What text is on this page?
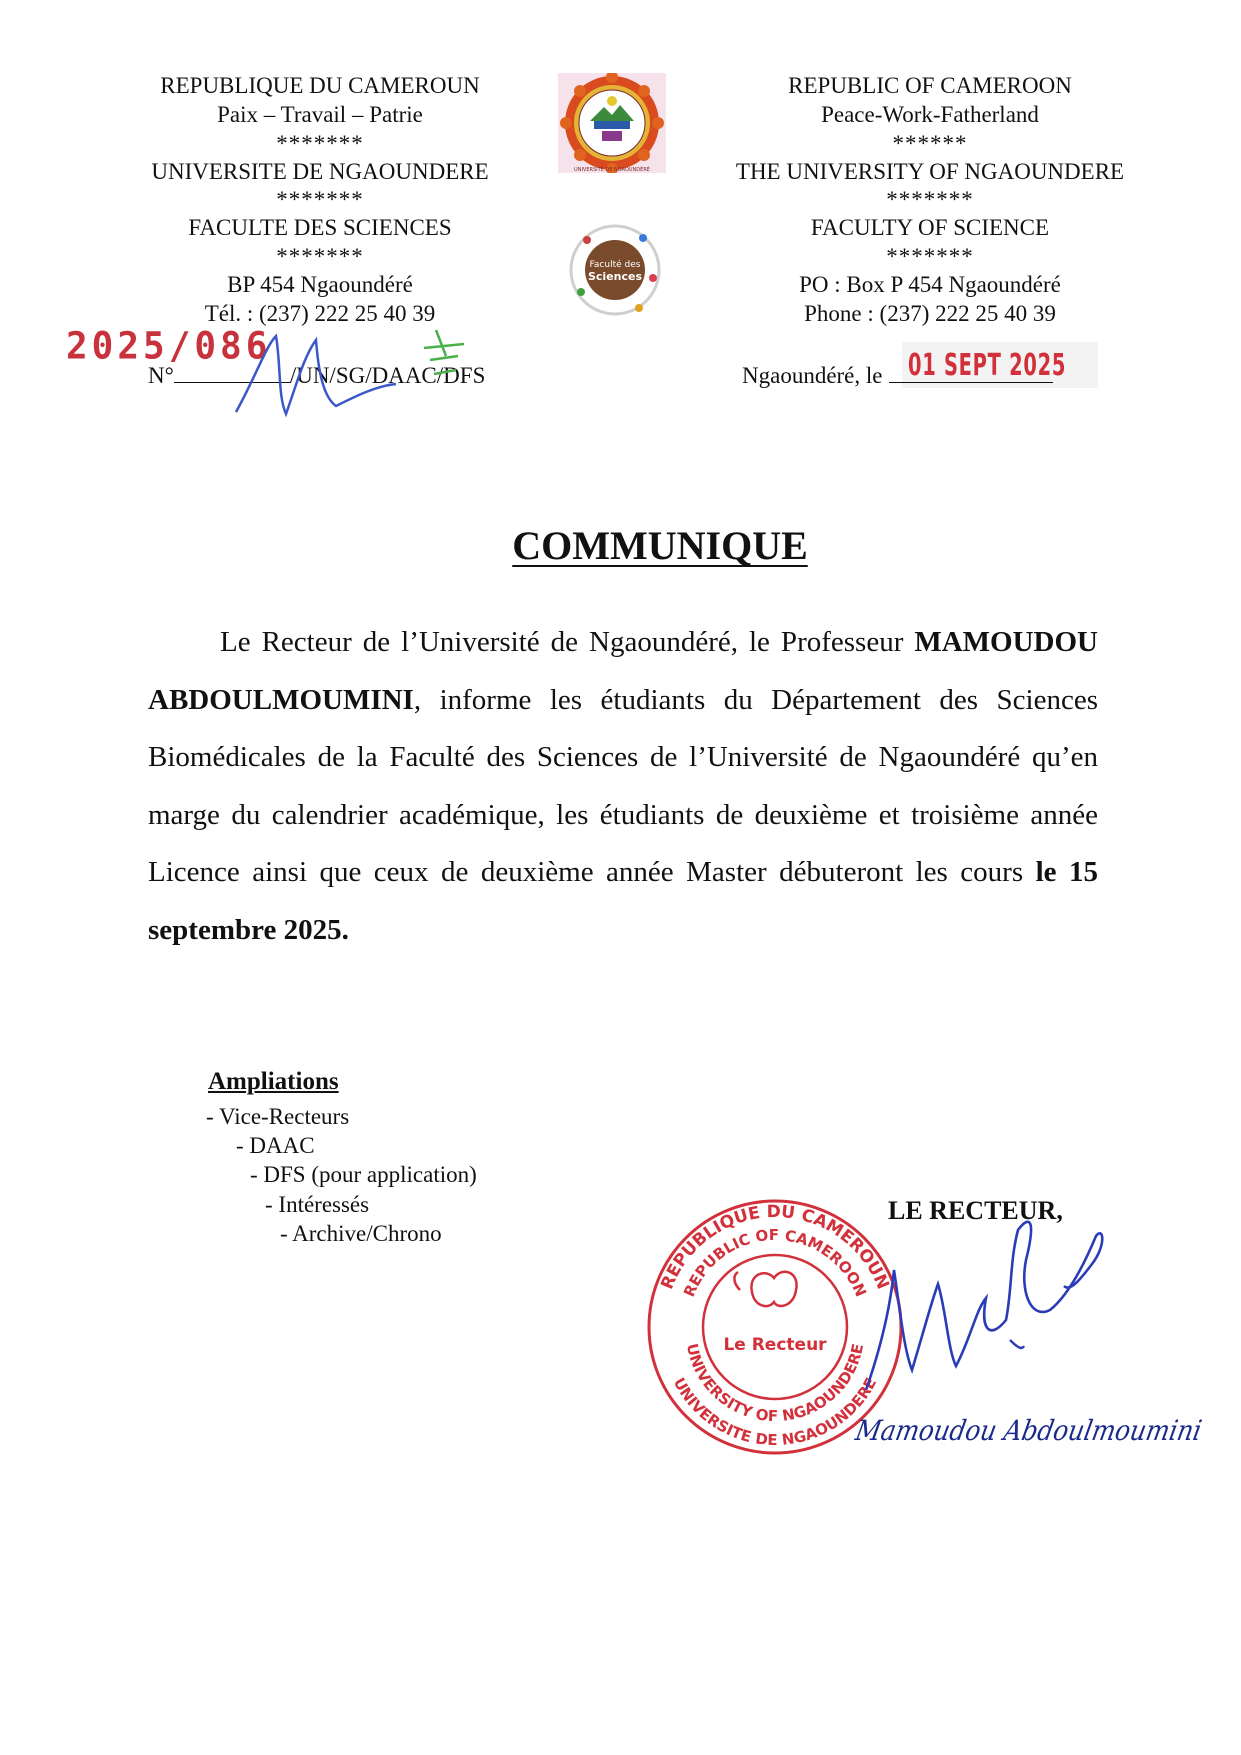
REPUBLIQUE DU CAMEROUN
Paix – Travail – Patrie
*******
UNIVERSITE DE NGAOUNDERE
*******
FACULTE DES SCIENCES
*******
BP 454 Ngaoundéré
Tél. : (237) 222 25 40 39
REPUBLIC OF CAMEROON
Peace-Work-Fatherland
******
THE UNIVERSITY OF NGAOUNDERE
*******
FACULTY OF SCIENCE
*******
PO : Box P 454 Ngaoundéré
Phone : (237) 222 25 40 39
UNIVERSITÉ DE NGAOUNDÉRÉ
Faculté des
Sciences
2025/086
N°	/UN/SG/DAAC/DFS	Ngaoundéré, le 01 SEPT 2025
COMMUNIQUE
Le Recteur de l’Université de Ngaoundéré, le Professeur MAMOUDOU ABDOULMOUMINI, informe les étudiants du Département des Sciences Biomédicales de la Faculté des Sciences de l’Université de Ngaoundéré qu’en marge du calendrier académique, les étudiants de deuxième et troisième année Licence ainsi que ceux de deuxième année Master débuteront les cours le 15 septembre 2025.
Ampliations
- Vice-Recteurs
- DAAC
- DFS (pour application)
- Intéressés
- Archive/Chrono
LE RECTEUR,
REPUBLIQUE DU CAMEROUN
REPUBLIC OF CAMEROON
UNIVERSITY OF NGAOUNDERE
UNIVERSITE DE NGAOUNDERE
Le Recteur
Mamoudou Abdoulmoumini
